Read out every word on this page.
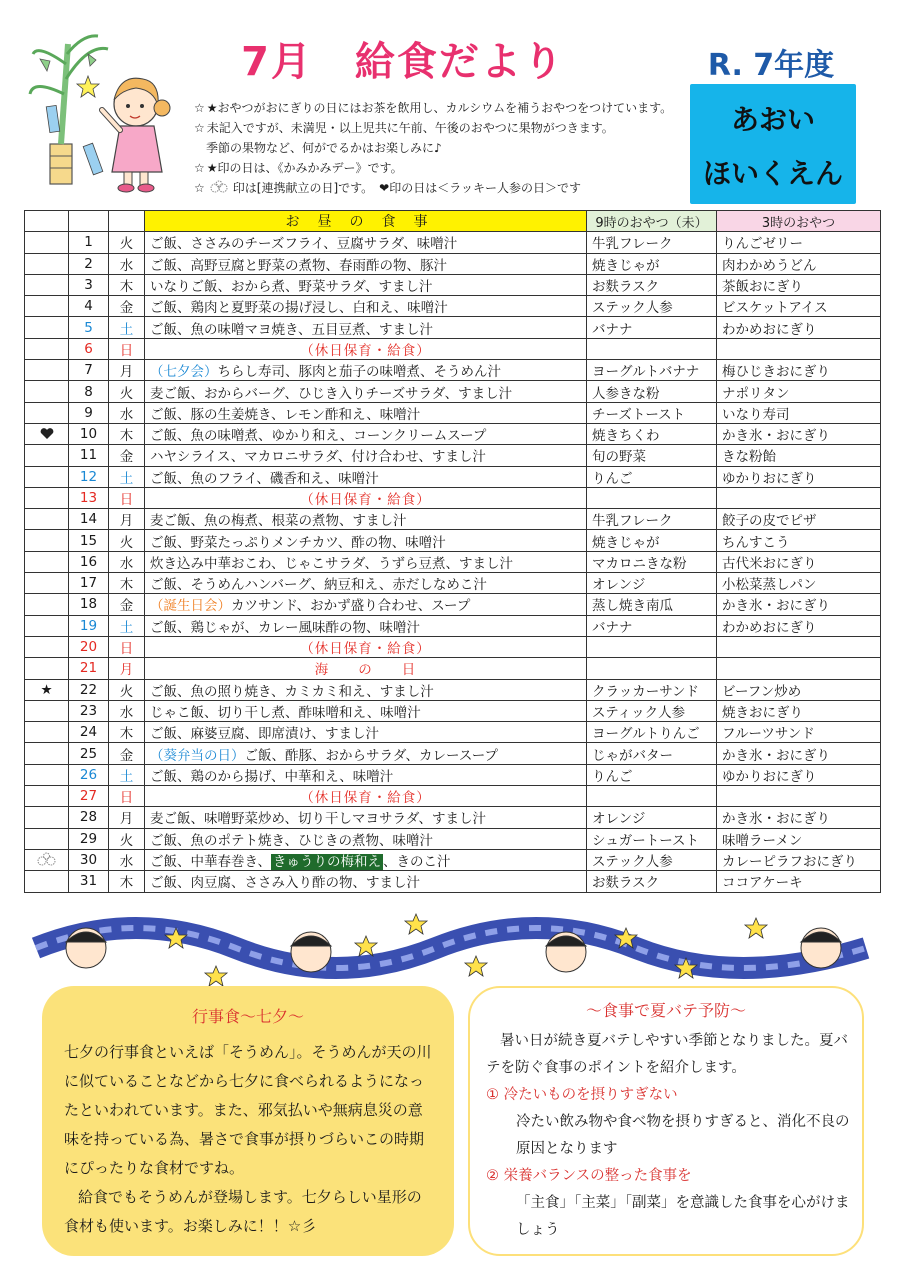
7月　給食だより	R. 7年度
あおい
ほいくえん
☆ ★おやつがおにぎりの日にはお茶を飲用し、カルシウムを補うおやつをつけています。
☆ 未記入ですが、未満児・以上児共に午前、午後のおやつに果物がつきます。
季節の果物など、何がでるかはお楽しみに♪
☆ ★印の日は、《かみかみデー》です。
☆ 印は[連携献立の日]です。　❤印の日は＜ラッキー人参の日＞です
			お昼の食事	9時のおやつ（未）	3時のおやつ
	1	火	ご飯、ささみのチーズフライ、豆腐サラダ、味噌汁	牛乳フレーク	りんごゼリー
	2	水	ご飯、高野豆腐と野菜の煮物、春雨酢の物、豚汁	焼きじゃが	肉わかめうどん
	3	木	いなりご飯、おから煮、野菜サラダ、すまし汁	お麩ラスク	茶飯おにぎり
	4	金	ご飯、鶏肉と夏野菜の揚げ浸し、白和え、味噌汁	ステック人参	ビスケットアイス
	5	土	ご飯、魚の味噌マヨ焼き、五目豆煮、すまし汁	バナナ	わかめおにぎり
	6	日	（休日保育・給食）		
	7	月	（七夕会）ちらし寿司、豚肉と茄子の味噌煮、そうめん汁	ヨーグルトバナナ	梅ひじきおにぎり
	8	火	麦ご飯、おからバーグ、ひじき入りチーズサラダ、すまし汁	人参きな粉	ナポリタン
	9	水	ご飯、豚の生姜焼き、レモン酢和え、味噌汁	チーズトースト	いなり寿司
	10	木	ご飯、魚の味噌煮、ゆかり和え、コーンクリームスープ	焼きちくわ	かき氷・おにぎり
	11	金	ハヤシライス、マカロニサラダ、付け合わせ、すまし汁	旬の野菜	きな粉飴
	12	土	ご飯、魚のフライ、磯香和え、味噌汁	りんご	ゆかりおにぎり
	13	日	（休日保育・給食）		
	14	月	麦ご飯、魚の梅煮、根菜の煮物、すまし汁	牛乳フレーク	餃子の皮でピザ
	15	火	ご飯、野菜たっぷりメンチカツ、酢の物、味噌汁	焼きじゃが	ちんすこう
	16	水	炊き込み中華おこわ、じゃこサラダ、うずら豆煮、すまし汁	マカロニきな粉	古代米おにぎり
	17	木	ご飯、そうめんハンバーグ、納豆和え、赤だしなめこ汁	オレンジ	小松菜蒸しパン
	18	金	（誕生日会）カツサンド、おかず盛り合わせ、スープ	蒸し焼き南瓜	かき氷・おにぎり
	19	土	ご飯、鶏じゃが、カレー風味酢の物、味噌汁	バナナ	わかめおにぎり
	20	日	（休日保育・給食）		
	21	月	海　　の　　日		
★	22	火	ご飯、魚の照り焼き、カミカミ和え、すまし汁	クラッカーサンド	ビーフン炒め
	23	水	じゃこ飯、切り干し煮、酢味噌和え、味噌汁	スティック人参	焼きおにぎり
	24	木	ご飯、麻婆豆腐、即席漬け、すまし汁	ヨーグルトりんご	フルーツサンド
	25	金	（葵弁当の日）ご飯、酢豚、おからサラダ、カレースープ	じゃがバター	かき氷・おにぎり
	26	土	ご飯、鶏のから揚げ、中華和え、味噌汁	りんご	ゆかりおにぎり
	27	日	（休日保育・給食）		
	28	月	麦ご飯、味噌野菜炒め、切り干しマヨサラダ、すまし汁	オレンジ	かき氷・おにぎり
	29	火	ご飯、魚のポテト焼き、ひじきの煮物、味噌汁	シュガートースト	味噌ラーメン
	30	水	ご飯、中華春巻き、 きゅうりの梅和え 、きのこ汁	ステック人参	カレーピラフおにぎり
	31	木	ご飯、肉豆腐、ささみ入り酢の物、すまし汁	お麩ラスク	ココアケーキ
行事食～七夕～

七夕の行事食といえば「そうめん」。そうめんが天の川に似ていることなどから七夕に食べられるようになったといわれています。また、邪気払いや無病息災の意味を持っている為、暑さで食事が摂りづらいこの時期にぴったりな食材ですね。

給食でもそうめんが登場します。七夕らしい星形の食材も使います。お楽しみに！！☆彡

～食事で夏バテ予防～

暑い日が続き夏バテしやすい季節となりました。夏バテを防ぐ食事のポイントを紹介します。

① 冷たいものを摂りすぎない

冷たい飲み物や食べ物を摂りすぎると、消化不良の原因となります

② 栄養バランスの整った食事を

「主食」「主菜」「副菜」を意識した食事を心がけましょう
